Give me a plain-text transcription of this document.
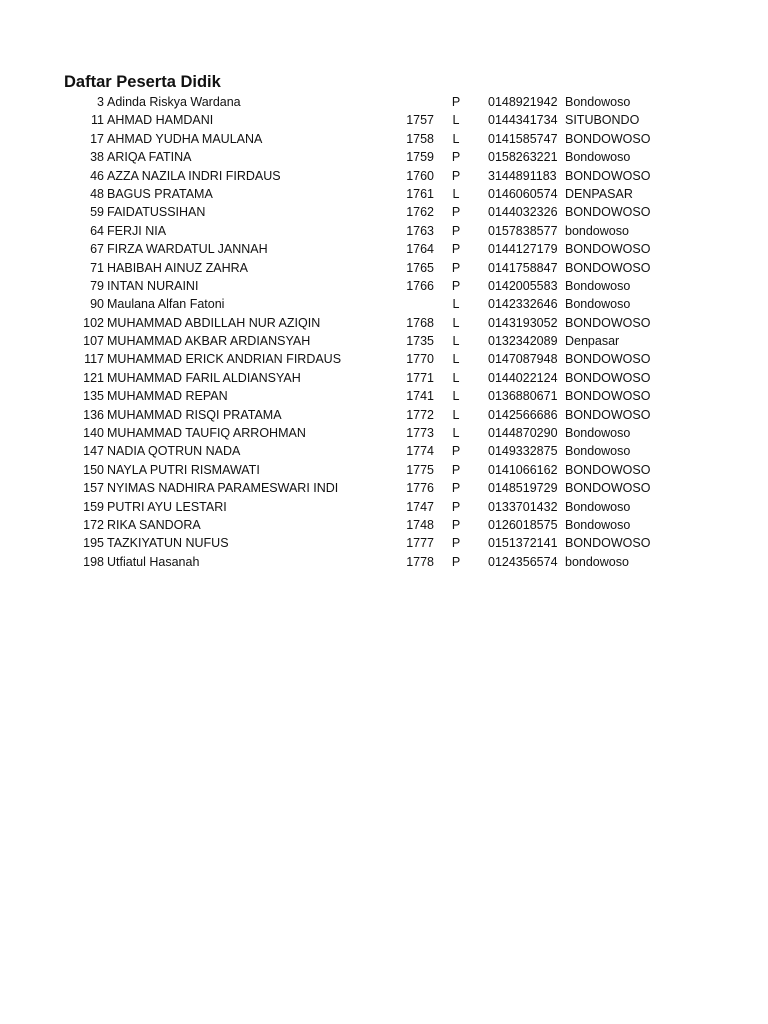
Daftar Peserta Didik
3 Adinda Riskya Wardana	P 0148921942 Bondowoso
11 AHMAD HAMDANI	1757 L 0144341734 SITUBONDO
17 AHMAD YUDHA MAULANA	1758 L 0141585747 BONDOWOSO
38 ARIQA FATINA	1759 P 0158263221 Bondowoso
46 AZZA NAZILA INDRI FIRDAUS	1760 P 3144891183 BONDOWOSO
48 BAGUS PRATAMA	1761 L 0146060574 DENPASAR
59 FAIDATUSSIHAN	1762 P 0144032326 BONDOWOSO
64 FERJI NIA	1763 P 0157838577 bondowoso
67 FIRZA WARDATUL JANNAH	1764 P 0144127179 BONDOWOSO
71 HABIBAH AINUZ ZAHRA	1765 P 0141758847 BONDOWOSO
79 INTAN NURAINI	1766 P 0142005583 Bondowoso
90 Maulana Alfan Fatoni	L 0142332646 Bondowoso
102 MUHAMMAD ABDILLAH NUR AZIQIN	1768 L 0143193052 BONDOWOSO
107 MUHAMMAD AKBAR ARDIANSYAH	1735 L 0132342089 Denpasar
117 MUHAMMAD ERICK ANDRIAN FIRDAUS	1770 L 0147087948 BONDOWOSO
121 MUHAMMAD FARIL ALDIANSYAH	1771 L 0144022124 BONDOWOSO
135 MUHAMMAD REPAN	1741 L 0136880671 BONDOWOSO
136 MUHAMMAD RISQI PRATAMA	1772 L 0142566686 BONDOWOSO
140 MUHAMMAD TAUFIQ ARROHMAN	1773 L 0144870290 Bondowoso
147 NADIA QOTRUN NADA	1774 P 0149332875 Bondowoso
150 NAYLA PUTRI RISMAWATI	1775 P 0141066162 BONDOWOSO
157 NYIMAS NADHIRA PARAMESWARI INDI	1776 P 0148519729 BONDOWOSO
159 PUTRI AYU LESTARI	1747 P 0133701432 Bondowoso
172 RIKA SANDORA	1748 P 0126018575 Bondowoso
195 TAZKIYATUN NUFUS	1777 P 0151372141 BONDOWOSO
198 Utfiatul Hasanah	1778 P 0124356574 bondowoso
